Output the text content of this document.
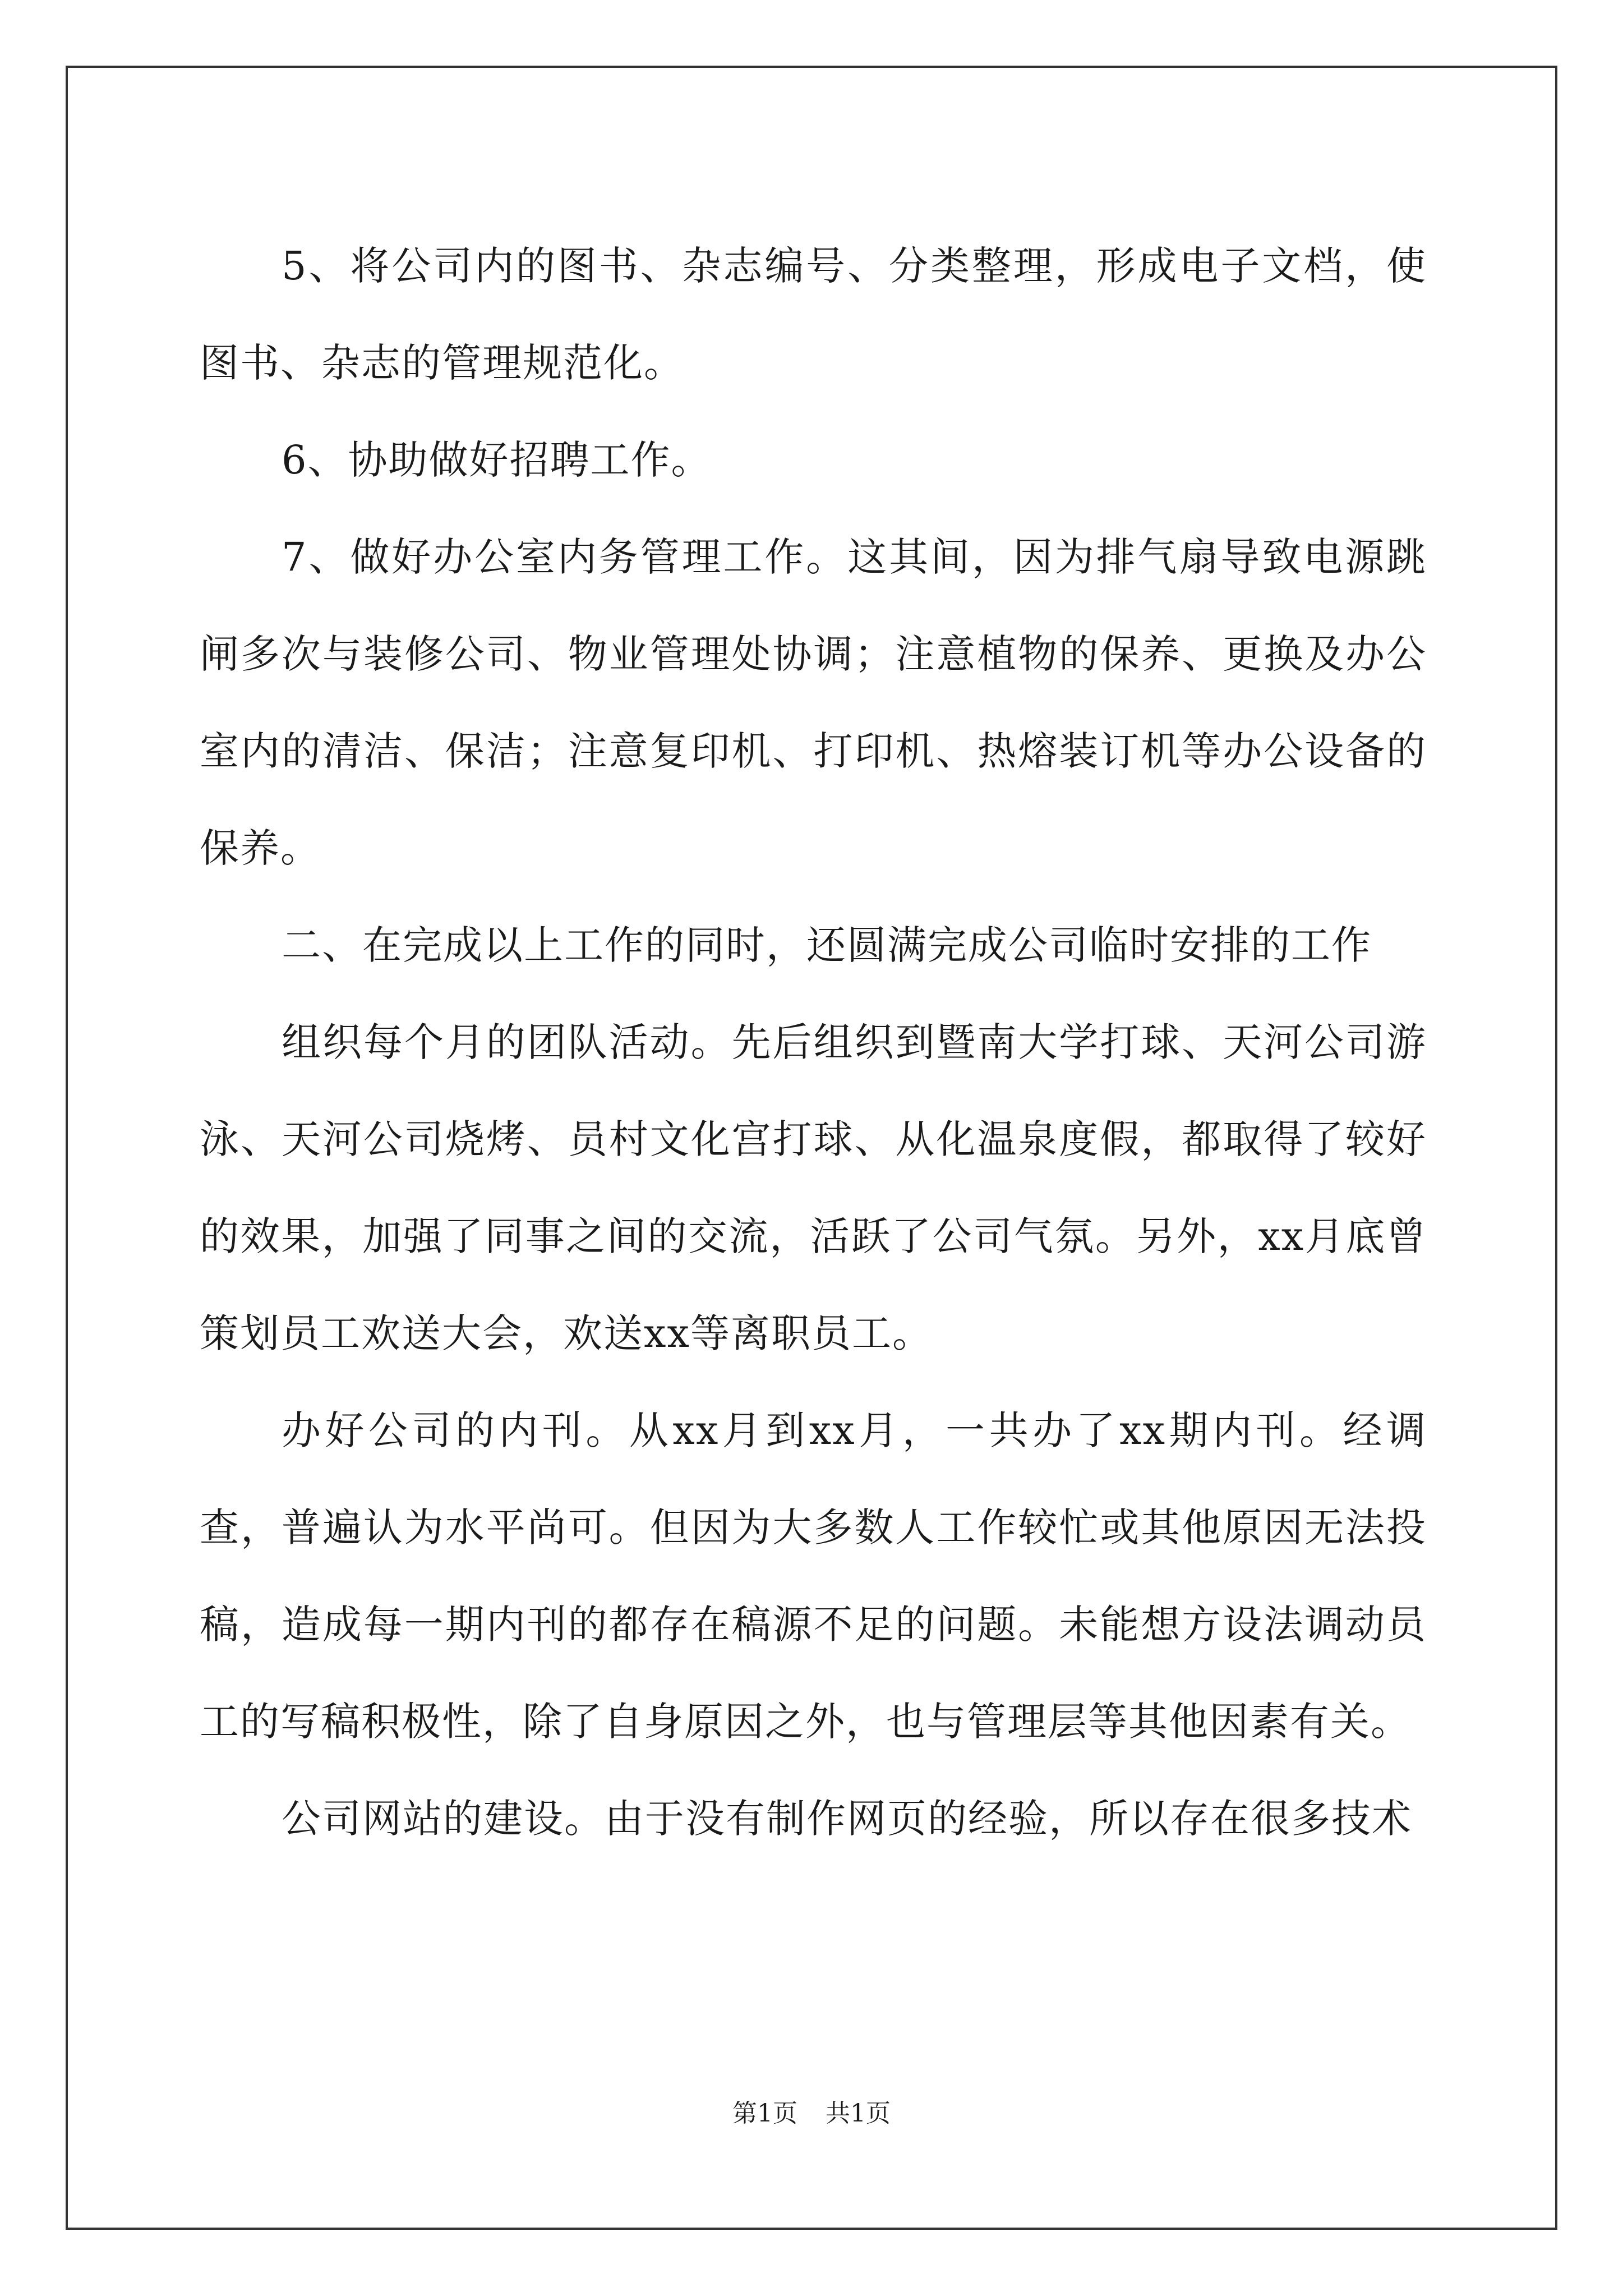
5、将公司内的图书、杂志编号、分类整理，形成电子文档，使图书、杂志的管理规范化。

6、协助做好招聘工作。

7、做好办公室内务管理工作。这其间，因为排气扇导致电源跳闸多次与装修公司、物业管理处协调；注意植物的保养、更换及办公室内的清洁、保洁；注意复印机、打印机、热熔装订机等办公设备的保养。

二、在完成以上工作的同时，还圆满完成公司临时安排的工作

组织每个月的团队活动。先后组织到暨南大学打球、天河公司游泳、天河公司烧烤、员村文化宫打球、从化温泉度假，都取得了较好的效果，加强了同事之间的交流，活跃了公司气氛。另外，xx月底曾策划员工欢送大会，欢送xx等离职员工。

办好公司的内刊。从xx月到xx月，一共办了xx期内刊。经调查，普遍认为水平尚可。但因为大多数人工作较忙或其他原因无法投稿，造成每一期内刊的都存在稿源不足的问题。未能想方设法调动员工的写稿积极性，除了自身原因之外，也与管理层等其他因素有关。

公司网站的建设。由于没有制作网页的经验，所以存在很多技术

第1页 共1页
